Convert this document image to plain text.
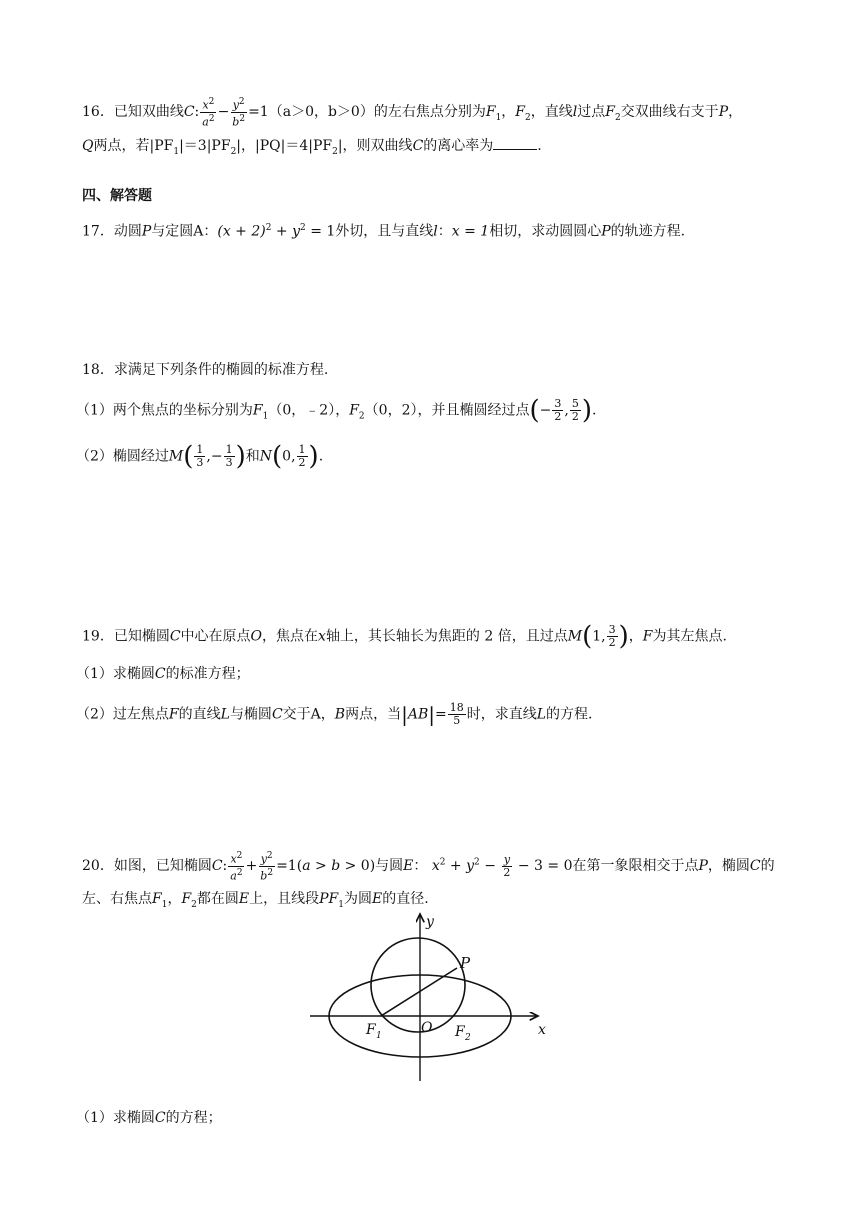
16．已知双曲线C: $\frac{x^2}{a^2} - \frac{y^2}{b^2} =1(a>0$，b＞0）的左右焦点分别为$F_1$，$F_2$，直线l过点$F_2$交双曲线右支于P，
Q两点，若$|PF_1|=3|PF_2|$，$|PQ|=4|PF_2|$，则双曲线C的离心率为	.
四、解答题
17．动圆P与定圆A：$(x + 2)^2 + y^2 = 1$外切，且与直线l：x = 1相切，求动圆圆心P的轨迹方程.
18．求满足下列条件的椭圆的标准方程.
（1）两个焦点的坐标分别为$F_1(0$，﹣2），$F_2(0$，2），并且椭圆经过点(− $\frac{3}{2}$ , $\frac{5}{2}$ ).
（2）椭圆经过$M( \frac{1}{3}$ ,− $\frac{1}{3}$ )和N(0, $\frac{1}{2}$ ).
19．已知椭圆C中心在原点O，焦点在x轴上，其长轴长为焦距的 2 倍，且过点M(1, $\frac{3}{2}$ )，F为其左焦点.
（1）求椭圆C的标准方程；
（2）过左焦点F的直线L与椭圆C交于A，B两点，当$|AB|= \frac{18}{5}$ 时，求直线L的方程.
20．如图，已知椭圆C: $\frac{x^2}{a^2} + \frac{y^2}{b^2} =1(a > b > 0)$与圆E： $x^2 + y^2 - \frac{y}{2} - 3 = 0$在第一象限相交于点P，椭圆C的
左、右焦点$F_1$，$F_2$都在圆E上，且线段$PF_1$为圆E的直径.
y
x
P
O
F 1	F 2
（1）求椭圆C的方程；
